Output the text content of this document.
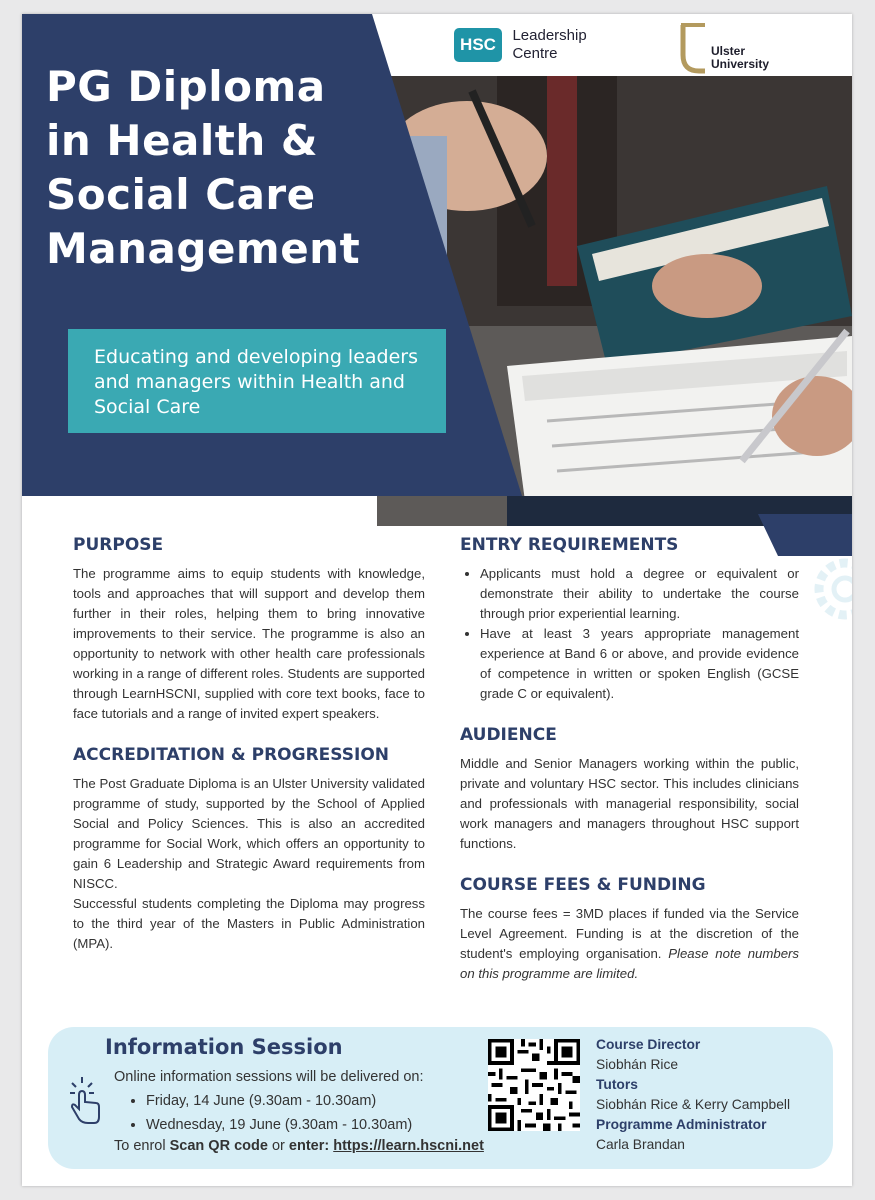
PG Diploma
in Health &
Social Care
Management
Educating and developing leaders and managers within Health and Social Care
HSC Leadership Centre	Ulster
University
PURPOSE

The programme aims to equip students with knowledge, tools and approaches that will support and develop them further in their roles, helping them to bring innovative improvements to their service. The programme is also an opportunity to network with other health care professionals working in a range of different roles. Students are supported through LearnHSCNI, supplied with core text books, face to face tutorials and a range of invited expert speakers.

ACCREDITATION & PROGRESSION

The Post Graduate Diploma is an Ulster University validated programme of study, supported by the School of Applied Social and Policy Sciences. This is also an accredited programme for Social Work, which offers an opportunity to gain 6 Leadership and Strategic Award requirements from NISCC.
Successful students completing the Diploma may progress to the third year of the Masters in Public Administration (MPA).

ENTRY REQUIREMENTS
• Applicants must hold a degree or equivalent or demonstrate their ability to undertake the course through prior experiential learning.
• Have at least 3 years appropriate management experience at Band 6 or above, and provide evidence of competence in written or spoken English (GCSE grade C or equivalent).
AUDIENCE

Middle and Senior Managers working within the public, private and voluntary HSC sector. This includes clinicians and professionals with managerial responsibility, social work managers and managers throughout HSC support functions.

COURSE FEES & FUNDING

The course fees = 3MD places if funded via the Service Level Agreement. Funding is at the discretion of the student's employing organisation. Please note numbers on this programme are limited.

Information Session

Online information sessions will be delivered on:

• Friday, 14 June (9.30am - 10.30am)
• Wednesday, 19 June (9.30am - 10.30am)

To enrol Scan QR code or enter: https://learn.hscni.net

Course Director
Siobhán Rice
Tutors
Siobhán Rice & Kerry Campbell
Programme Administrator
Carla Brandan
